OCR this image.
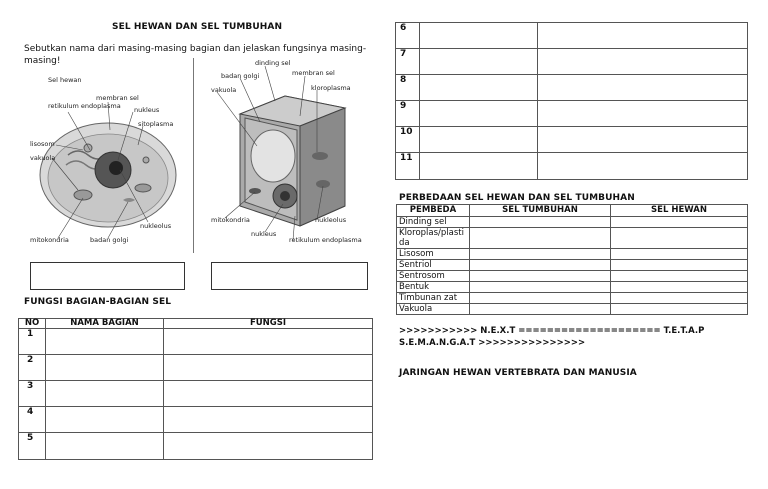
SEL HEWAN DAN SEL TUMBUHAN
Sebutkan nama dari masing-masing bagian dan jelaskan fungsinya masing-masing!
Sel hewan
retikulum endoplasma
membran sel
nukleus
sitoplasma
lisosom
vakuola
nukleolus
mitokondria	badan golgi
dinding sel
badan golgi	membran sel
vakuola	kloroplasma
mitokondria	nukleolus
nukleus
retikulum endoplasma
FUNGSI BAGIAN-BAGIAN SEL
NO	NAMA BAGIAN	FUNGSI
1		
2		
3		
4		
5		
6		
7		
8		
9		
10		
11		
PERBEDAAN SEL HEWAN DAN SEL TUMBUHAN
PEMBEDA	SEL TUMBUHAN	SEL HEWAN
Dinding sel		
Kloroplas/plastida		
Lisosom		
Sentriol		
Sentrosom		
Bentuk		
Timbunan zat		
Vakuola		
>>>>>>>>>>> N.E.X.T ==================== T.E.T.A.P
S.E.M.A.N.G.A.T >>>>>>>>>>>>>>>
JARINGAN HEWAN VERTEBRATA DAN MANUSIA
